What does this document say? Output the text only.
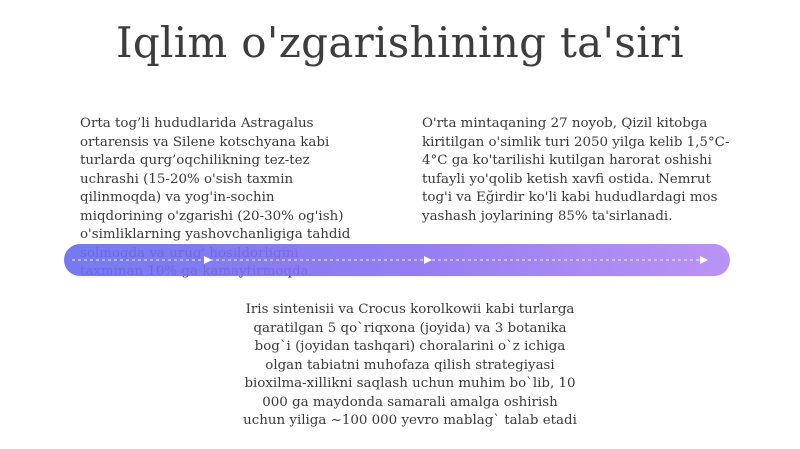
Iqlim o'zgarishining ta'siri
Orta tog’li hududlarida Astragalus
ortarensis va Silene kotschyana kabi
turlarda qurg’oqchilikning tez-tez
uchrashi (15-20% o'sish taxmin
qilinmoqda) va yog'in-sochin
miqdorining o'zgarishi (20-30% og'ish)
o'simliklarning yashovchanligiga tahdid

O'rta mintaqaning 27 noyob, Qizil kitobga
kiritilgan o'simlik turi 2050 yilga kelib 1,5°C-
4°C ga ko'tarilishi kutilgan harorat oshishi
tufayli yo'qolib ketish xavfi ostida. Nemrut
tog'i va Eğirdir ko'li kabi hududlardagi mos
yashash joylarining 85% ta'sirlanadi.
Iris sintenisii va Crocus korolkowii kabi turlarga
qaratilgan 5 qo`riqxona (joyida) va 3 botanika
bog`i (joyidan tashqari) choralarini o`z ichiga
olgan tabiatni muhofaza qilish strategiyasi
bioxilma-xillikni saqlash uchun muhim bo`lib, 10
000 ga maydonda samarali amalga oshirish
uchun yiliga ~100 000 yevro mablag` talab etadi
